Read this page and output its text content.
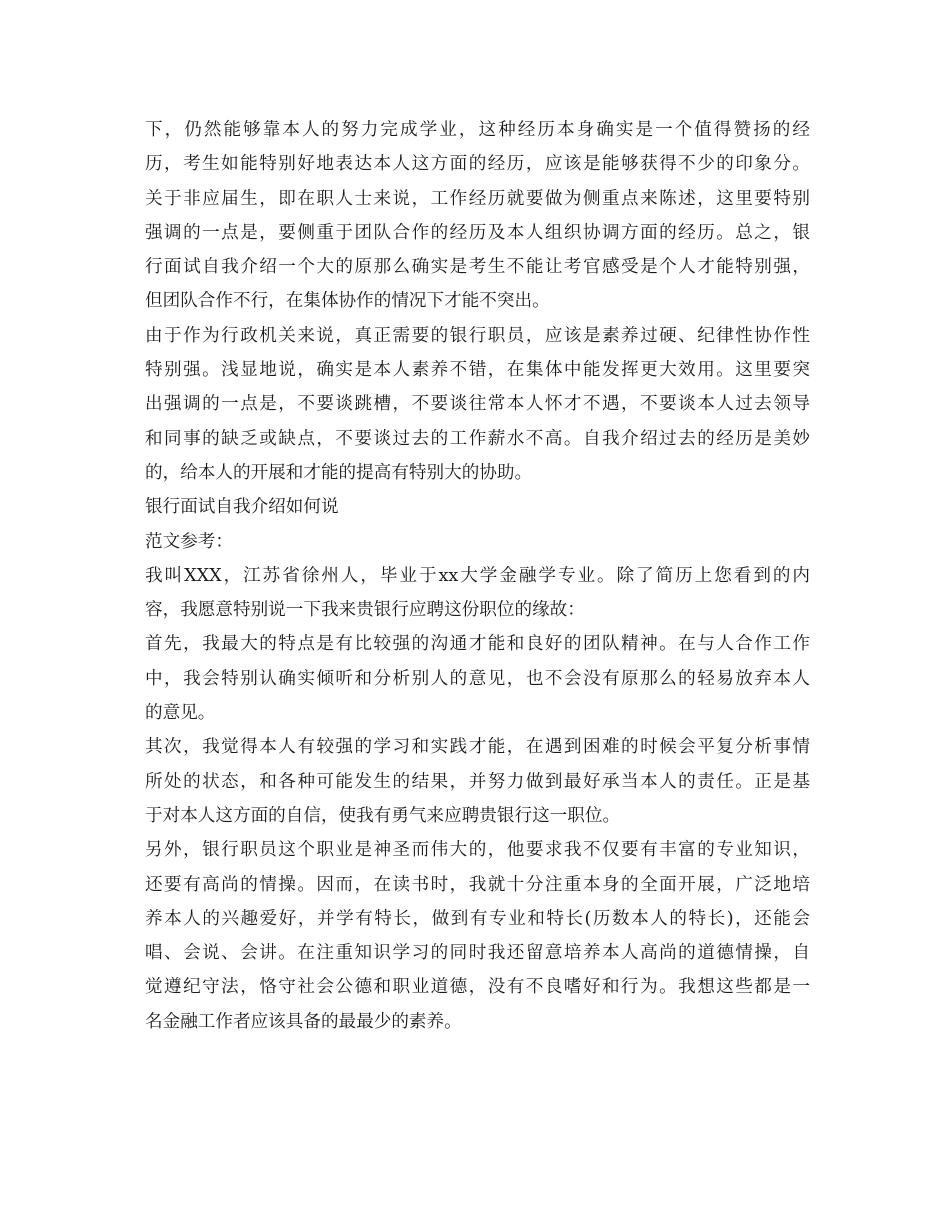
下，仍然能够靠本人的努力完成学业，这种经历本身确实是一个值得赞扬的经
历，考生如能特别好地表达本人这方面的经历，应该是能够获得不少的印象分。
关于非应届生，即在职人士来说，工作经历就要做为侧重点来陈述，这里要特别
强调的一点是，要侧重于团队合作的经历及本人组织协调方面的经历。总之，银
行面试自我介绍一个大的原那么确实是考生不能让考官感受是个人才能特别强，
但团队合作不行，在集体协作的情况下才能不突出。
由于作为行政机关来说，真正需要的银行职员，应该是素养过硬、纪律性协作性
特别强。浅显地说，确实是本人素养不错，在集体中能发挥更大效用。这里要突
出强调的一点是，不要谈跳槽，不要谈往常本人怀才不遇，不要谈本人过去领导
和同事的缺乏或缺点，不要谈过去的工作薪水不高。自我介绍过去的经历是美妙
的，给本人的开展和才能的提高有特别大的协助。
银行面试自我介绍如何说
范文参考：
我叫XXX，江苏省徐州人，毕业于xx大学金融学专业。除了简历上您看到的内
容，我愿意特别说一下我来贵银行应聘这份职位的缘故：
首先，我最大的特点是有比较强的沟通才能和良好的团队精神。在与人合作工作
中，我会特别认确实倾听和分析别人的意见，也不会没有原那么的轻易放弃本人
的意见。
其次，我觉得本人有较强的学习和实践才能，在遇到困难的时候会平复分析事情
所处的状态，和各种可能发生的结果，并努力做到最好承当本人的责任。正是基
于对本人这方面的自信，使我有勇气来应聘贵银行这一职位。
另外，银行职员这个职业是神圣而伟大的，他要求我不仅要有丰富的专业知识，
还要有高尚的情操。因而，在读书时，我就十分注重本身的全面开展，广泛地培
养本人的兴趣爱好，并学有特长，做到有专业和特长(历数本人的特长)，还能会
唱、会说、会讲。在注重知识学习的同时我还留意培养本人高尚的道德情操，自
觉遵纪守法，恪守社会公德和职业道德，没有不良嗜好和行为。我想这些都是一
名金融工作者应该具备的最最少的素养。
